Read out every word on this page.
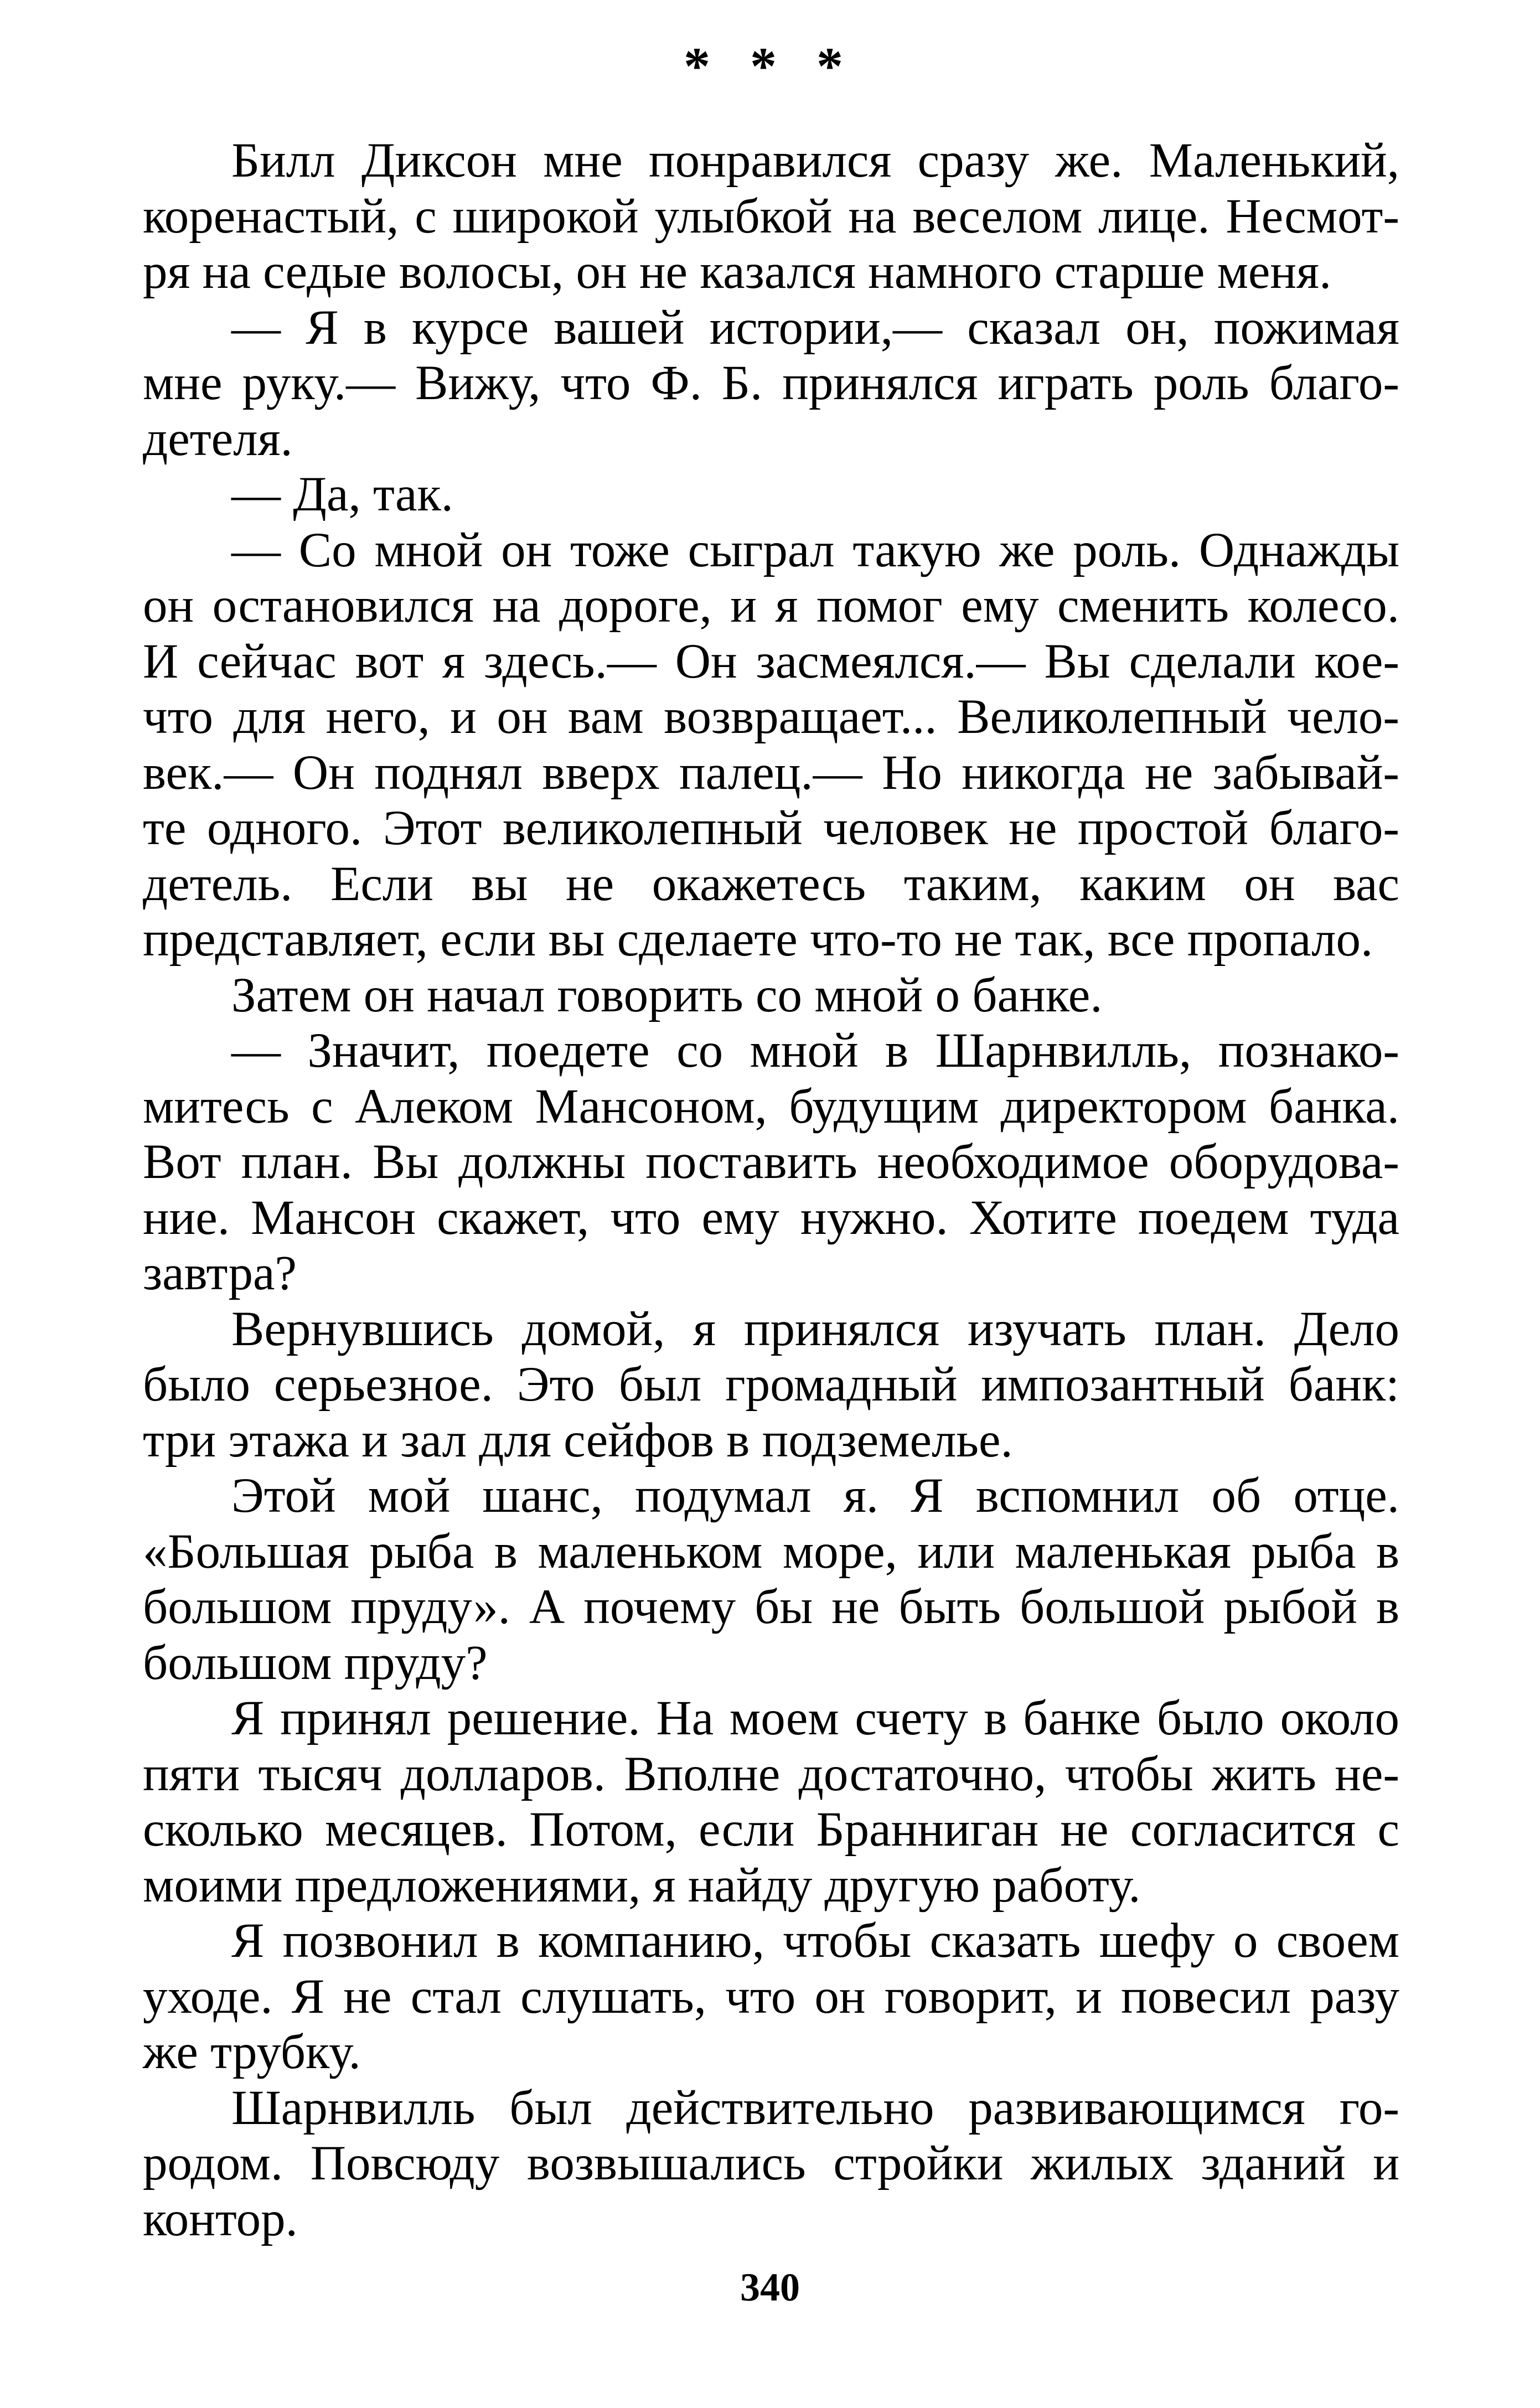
* * *
Билл Диксон мне понравился сразу же. Маленький,
коренастый, с широкой улыбкой на веселом лице. Несмот-
ря на седые волосы, он не казался намного старше меня.
— Я в курсе вашей истории,— сказал он, пожимая
мне руку.— Вижу, что Ф. Б. принялся играть роль благо-
детеля.
— Да, так.
— Со мной он тоже сыграл такую же роль. Однажды
он остановился на дороге, и я помог ему сменить колесо.
И сейчас вот я здесь.— Он засмеялся.— Вы сделали кое-
что для него, и он вам возвращает... Великолепный чело-
век.— Он поднял вверх палец.— Но никогда не забывай-
те одного. Этот великолепный человек не простой благо-
детель. Если вы не окажетесь таким, каким он вас
представляет, если вы сделаете что-то не так, все пропало.
Затем он начал говорить со мной о банке.
— Значит, поедете со мной в Шарнвилль, познако-
митесь с Алеком Мансоном, будущим директором банка.
Вот план. Вы должны поставить необходимое оборудова-
ние. Мансон скажет, что ему нужно. Хотите поедем туда
завтра?
Вернувшись домой, я принялся изучать план. Дело
было серьезное. Это был громадный импозантный банк:
три этажа и зал для сейфов в подземелье.
Этой мой шанс, подумал я. Я вспомнил об отце.
«Большая рыба в маленьком море, или маленькая рыба в
большом пруду». А почему бы не быть большой рыбой в
большом пруду?
Я принял решение. На моем счету в банке было около
пяти тысяч долларов. Вполне достаточно, чтобы жить не-
сколько месяцев. Потом, если Бранниган не согласится с
моими предложениями, я найду другую работу.
Я позвонил в компанию, чтобы сказать шефу о своем
уходе. Я не стал слушать, что он говорит, и повесил разу
же трубку.
Шарнвилль был действительно развивающимся го-
родом. Повсюду возвышались стройки жилых зданий и
контор.
340
